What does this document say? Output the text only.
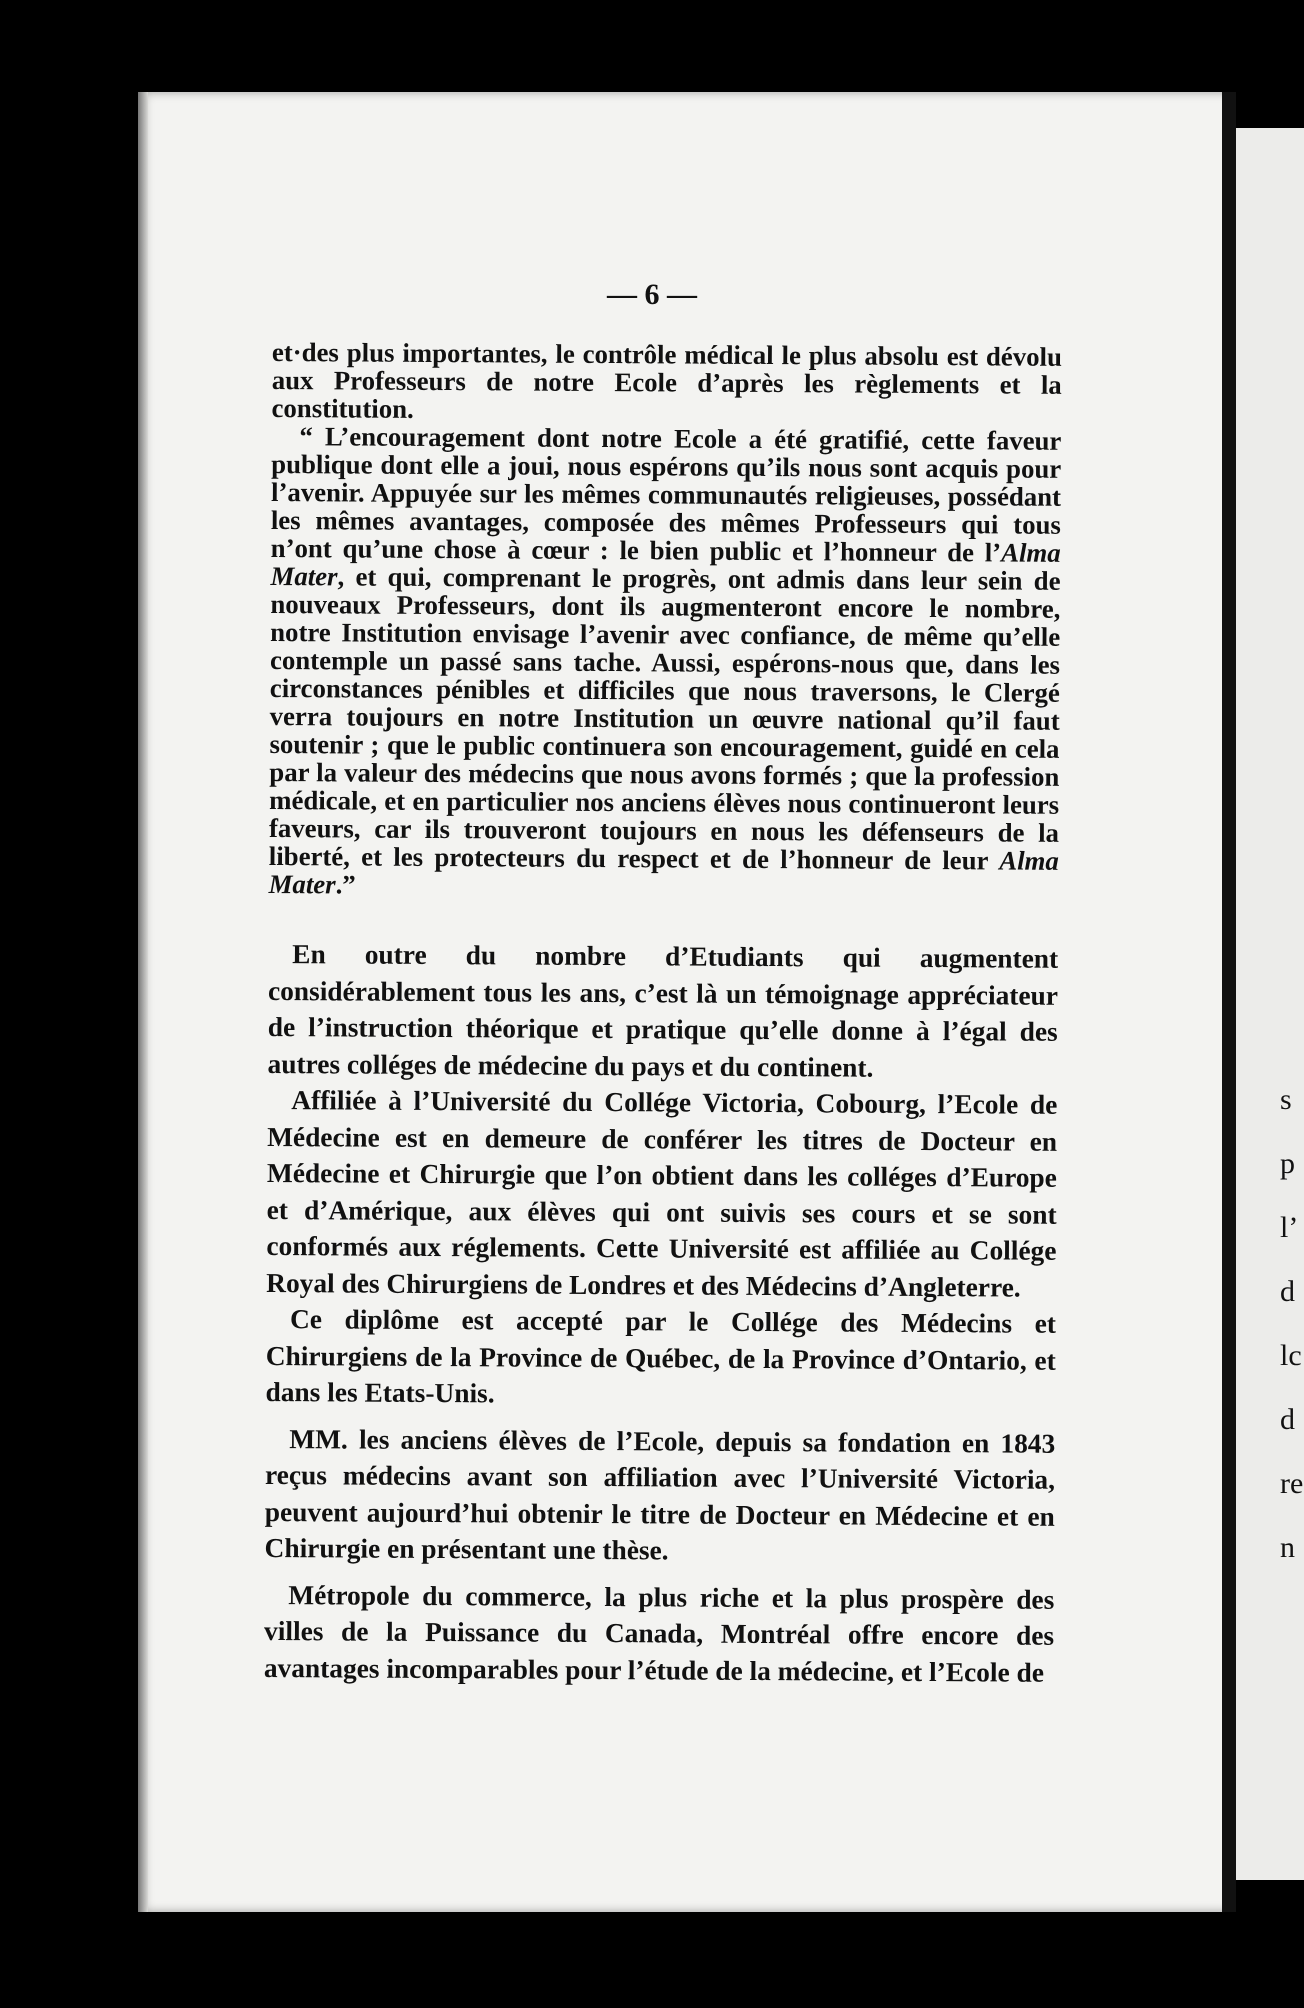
s
p
l’
d
lc
d
re
n
— 6 —

et·des plus importantes, le contrôle médical le plus absolu est dévolu aux Professeurs de notre Ecole d’après les règlements et la constitution.

“ L’encouragement dont notre Ecole a été gratifié, cette faveur publique dont elle a joui, nous espérons qu’ils nous sont acquis pour l’avenir. Appuyée sur les mêmes communautés religieuses, possédant les mêmes avantages, composée des mêmes Professeurs qui tous n’ont qu’une chose à cœur : le bien public et l’honneur de l’Alma Mater, et qui, comprenant le progrès, ont admis dans leur sein de nouveaux Professeurs, dont ils augmenteront encore le nombre, notre Institution envisage l’avenir avec confiance, de même qu’elle contemple un passé sans tache. Aussi, espérons-nous que, dans les circonstances pénibles et difficiles que nous traversons, le Clergé verra toujours en notre Institution un œuvre national qu’il faut soutenir ; que le public continuera son encouragement, guidé en cela par la valeur des médecins que nous avons formés ; que la profession médicale, et en particulier nos anciens élèves nous continueront leurs faveurs, car ils trouveront toujours en nous les défenseurs de la liberté, et les protecteurs du respect et de l’honneur de leur Alma Mater.”

En outre du nombre d’Etudiants qui augmentent considérablement tous les ans, c’est là un témoignage appréciateur de l’instruction théorique et pratique qu’elle donne à l’égal des autres colléges de médecine du pays et du continent.

Affiliée à l’Université du Collége Victoria, Cobourg, l’Ecole de Médecine est en demeure de conférer les titres de Docteur en Médecine et Chirurgie que l’on obtient dans les colléges d’Europe et d’Amérique, aux élèves qui ont suivis ses cours et se sont conformés aux réglements. Cette Université est affiliée au Collége Royal des Chirurgiens de Londres et des Médecins d’Angleterre.

Ce diplôme est accepté par le Collége des Médecins et Chirurgiens de la Province de Québec, de la Province d’Ontario, et dans les Etats-Unis.

MM. les anciens élèves de l’Ecole, depuis sa fondation en 1843 reçus médecins avant son affiliation avec l’Université Victoria, peuvent aujourd’hui obtenir le titre de Docteur en Médecine et en Chirurgie en présentant une thèse.

Métropole du commerce, la plus riche et la plus prospère des villes de la Puissance du Canada, Montréal offre encore des avantages incomparables pour l’étude de la médecine, et l’Ecole de
